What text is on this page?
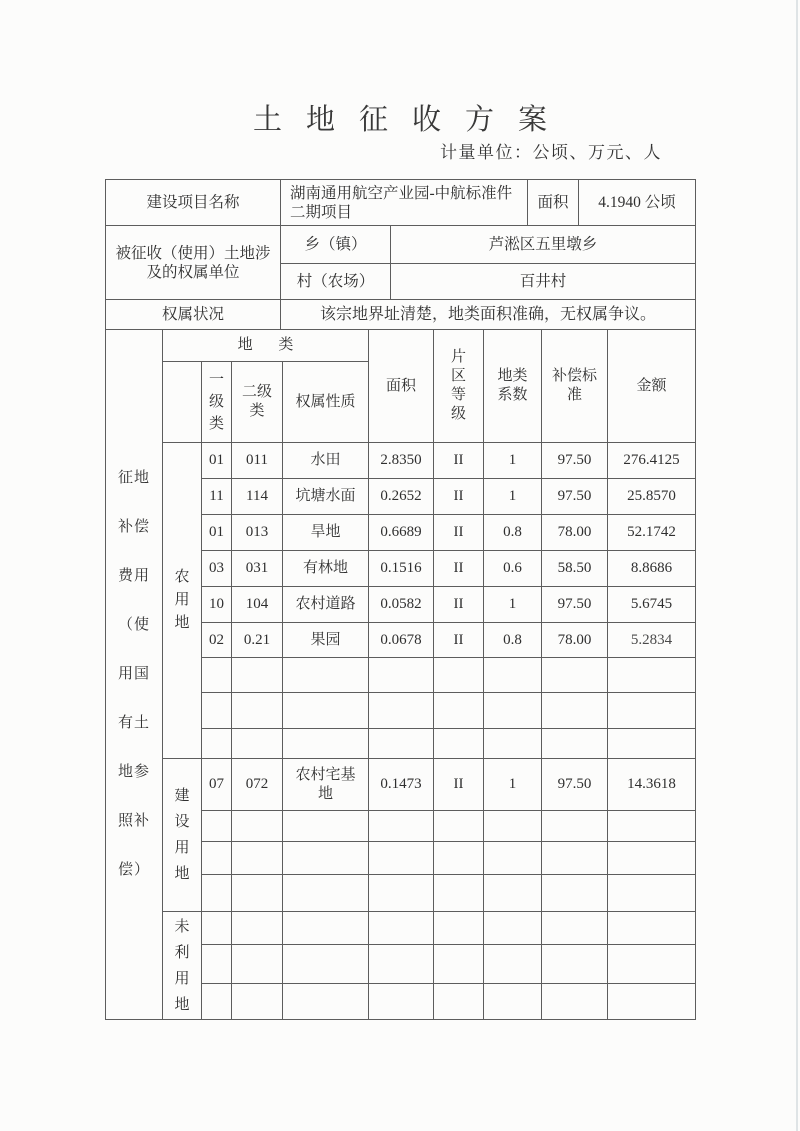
土地征收方案
计量单位：公顷、万元、人
建设项目名称	湖南通用航空产业园-中航标准件二期项目		面积	4.1940 公顷
被征收（使用）土地涉及的权属单位	乡（镇）	芦淞区五里墩乡		
	村（农场）	百井村		
权属状况	该宗地界址清楚，地类面积准确，无权属争议。			
征地补偿费用（使用国有土地参照补偿）	地 类				面积	片区等级	地类系数	补偿标准	金额

		一级类	二级类	权属性质					

	农用地	01	011	水田	2.8350	II	1	97.50	276.4125
		11	114	坑塘水面	0.2652	II	1	97.50	25.8570
		01	013	旱地	0.6689	II	0.8	78.00	52.1742
		03	031	有林地	0.1516	II	0.6	58.50	8.8686
		10	104	农村道路	0.0582	II	1	97.50	5.6745
		02	0.21	果园	0.0678	II	0.8	78.00	5.2834

	建设用地	07	072	农村宅基地	0.1473	II	1	97.50	14.3618

	未利用地								
